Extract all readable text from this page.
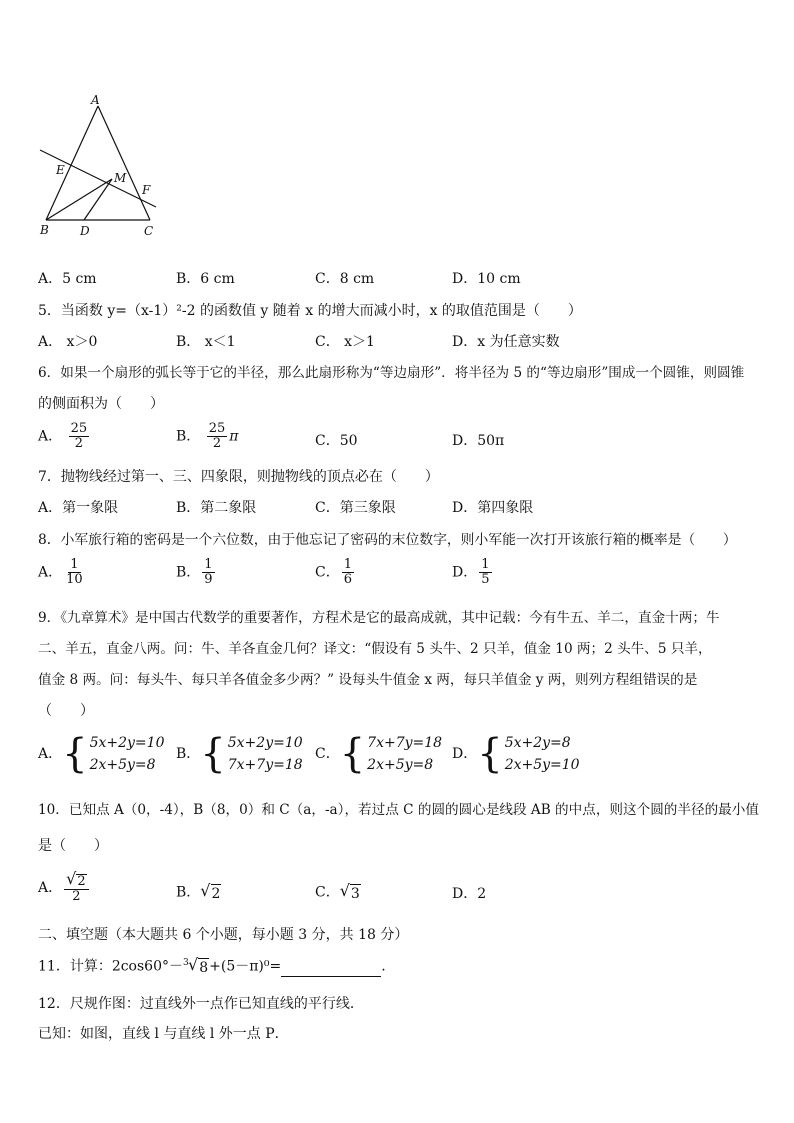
A
E
M
F
B	D	C
A．5 cm	B．6 cm	C．8 cm	D．10 cm
5．当函数 y=（x-1）²-2 的函数值 y 随着 x 的增大而减小时，x 的取值范围是（　　）
A． x＞0	B． x＜1	C． x＞1	D．x 为任意实数
6．如果一个扇形的弧长等于它的半径，那么此扇形称为“等边扇形”．将半径为 5 的“等边扇形”围成一个圆锥，则圆锥
的侧面积为（　　）
A． $\frac{25}{2}$	B． $\frac{25}{2}$ π	C．50	D．50π
7．抛物线经过第一、三、四象限，则抛物线的顶点必在（　　）
A．第一象限	B．第二象限	C．第三象限	D．第四象限
8．小军旅行箱的密码是一个六位数，由于他忘记了密码的末位数字，则小军能一次打开该旅行箱的概率是（　　）
A． $\frac{1}{10}$	B． $\frac{1}{9}$	C． $\frac{1}{6}$	D． $\frac{1}{5}$
9．《九章算术》是中国古代数学的重要著作，方程术是它的最高成就，其中记载：今有牛五、羊二，直金十两；牛
二、羊五，直金八两。问：牛、羊各直金几何？译文：“假设有 5 头牛、2 只羊，值金 10 两；2 头牛、5 只羊，
值金 8 两。问：每头牛、每只羊各值金多少两？” 设每头牛值金 x 两，每只羊值金 y 两，则列方程组错误的是
（　　）
A． { 5x+2y=10
2x+5y=8
B． { 5x+2y=10
7x+7y=18
C． { 7x+7y=18
2x+5y=8
D． { 5x+2y=8
2x+5y=10
10．已知点 A（0，-4），B（8，0）和 C（a，-a），若过点 C 的圆的圆心是线段 AB 的中点，则这个圆的半径的最小值
是（　　）
A． $\frac{√ 2}{2}$	B． √ 2	C． √ 3	D．2
二、填空题（本大题共 6 个小题，每小题 3 分，共 18 分）
11．计算：2cos60°－ 3 √ 8 +(5－π)⁰=	.
12．尺规作图：过直线外一点作已知直线的平行线．
已知：如图，直线 l 与直线 l 外一点 P．
